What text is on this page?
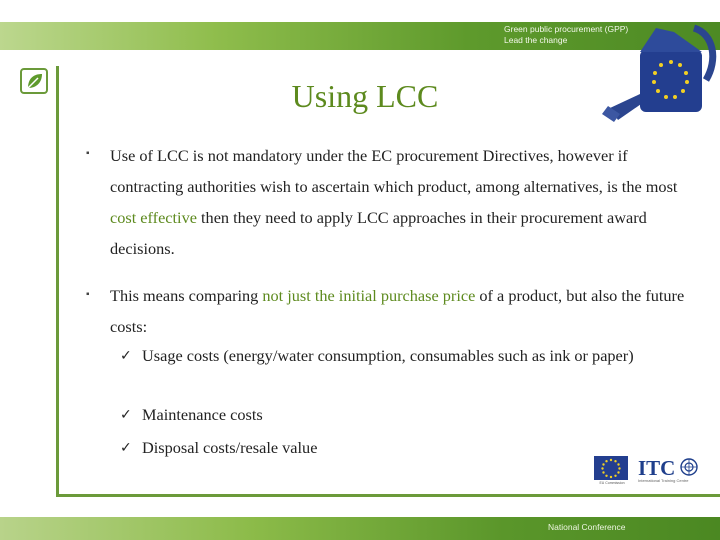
Green public procurement (GPP)
Lead the change
Using LCC
▪ Use of LCC is not mandatory under the EC procurement Directives, however if contracting authorities wish to ascertain which product, among alternatives, is the most cost effective then they need to apply LCC approaches in their procurement award decisions.
▪ This means comparing not just the initial purchase price of a product, but also the future costs:
✓ Usage costs (energy/water consumption, consumables such as ink or paper)
✓ Maintenance costs
✓ Disposal costs/resale value
EU Commission
ITC
International Training Centre
National Conference
